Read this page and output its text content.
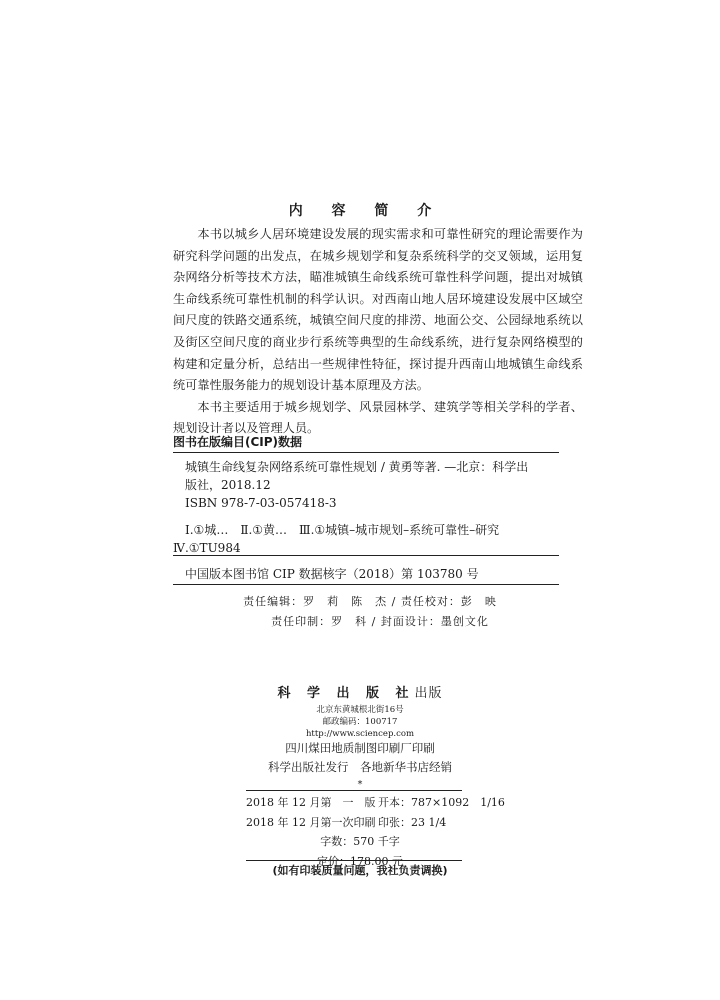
内 容 简 介

本书以城乡人居环境建设发展的现实需求和可靠性研究的理论需要作为研究科学问题的出发点，在城乡规划学和复杂系统科学的交叉领域，运用复杂网络分析等技术方法，瞄准城镇生命线系统可靠性科学问题，提出对城镇生命线系统可靠性机制的科学认识。对西南山地人居环境建设发展中区域空间尺度的铁路交通系统，城镇空间尺度的排涝、地面公交、公园绿地系统以及街区空间尺度的商业步行系统等典型的生命线系统，进行复杂网络模型的构建和定量分析，总结出一些规律性特征，探讨提升西南山地城镇生命线系统可靠性服务能力的规划设计基本原理及方法。

本书主要适用于城乡规划学、风景园林学、建筑学等相关学科的学者、规划设计者以及管理人员。

图书在版编目(CIP)数据

城镇生命线复杂网络系统可靠性规划 / 黄勇等著. —北京：科学出

版社，2018.12

ISBN 978-7-03-057418-3

Ⅰ.①城…　Ⅱ.①黄…　Ⅲ.①城镇–城市规划–系统可靠性–研究

Ⅳ.①TU984

中国版本图书馆 CIP 数据核字（2018）第 103780 号
责任编辑：罗　莉　陈　杰 / 责任校对：彭　映
责任印制：罗　科 / 封面设计：墨创文化
科 学 出 版 社出版
北京东黄城根北街16号
邮政编码：100717
http://www.sciencep.com
四川煤田地质制图印刷厂印刷
科学出版社发行　各地新华书店经销
*
2018 年 12 月第　一　版 开本：787×1092　1/16
2018 年 12 月第一次印刷 印张：23 1/4
字数：570 千字
定价：178.00 元
(如有印装质量问题，我社负责调换)
